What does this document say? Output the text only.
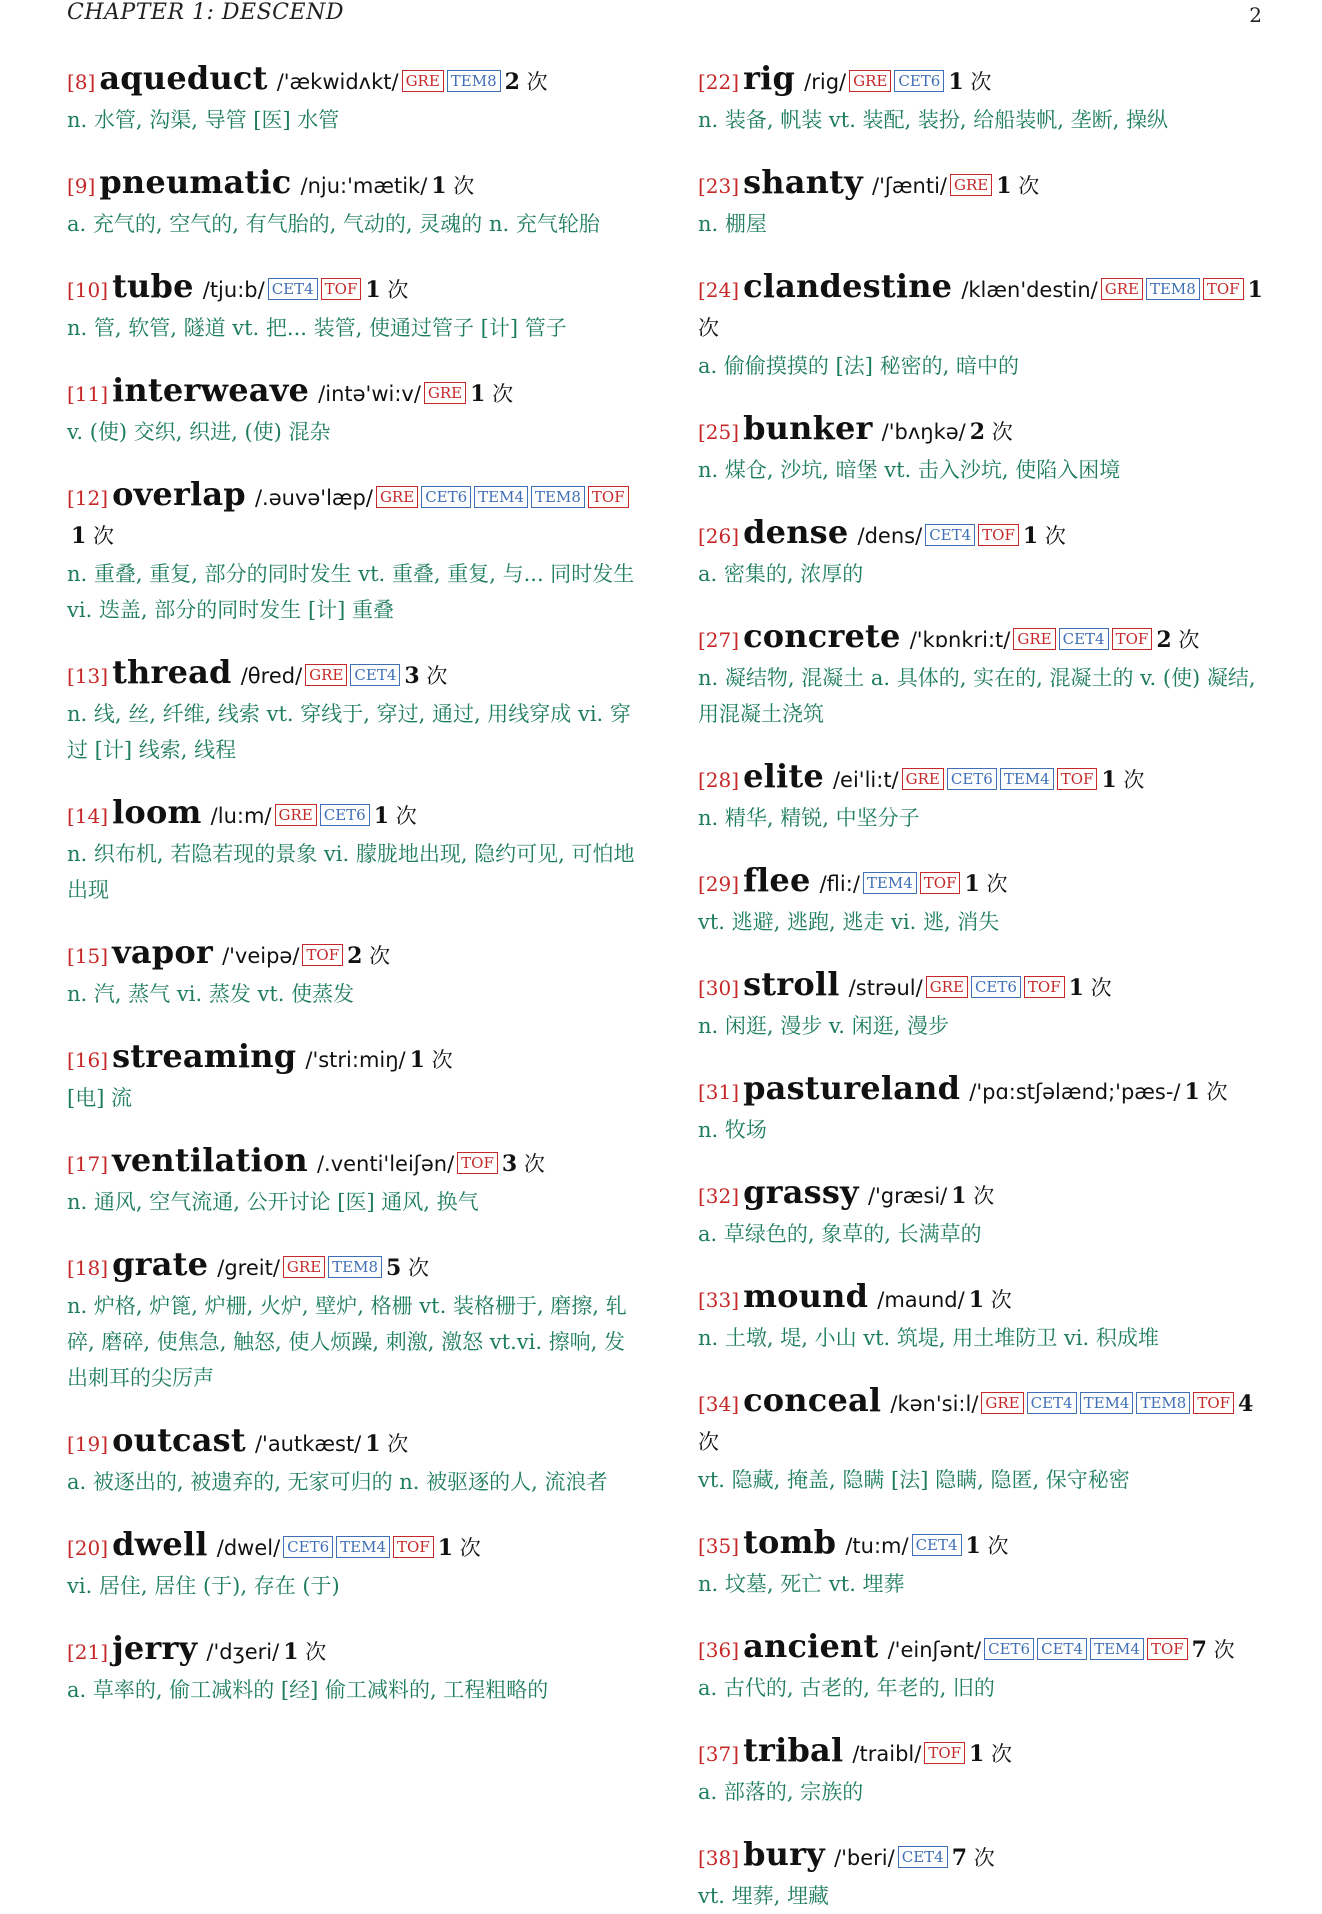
CHAPTER 1: DESCEND	2
[8] aqueduct /'ækwidʌkt/ GRE TEM8 2 次
n. 水管, 沟渠, 导管 [医] 水管
[9] pneumatic /nju:'mætik/ 1 次
a. 充气的, 空气的, 有气胎的, 气动的, 灵魂的 n. 充气轮胎
[10] tube /tju:b/ CET4 TOF 1 次
n. 管, 软管, 隧道 vt. 把... 装管, 使通过管子 [计] 管子
[11] interweave /intə'wi:v/ GRE 1 次
v. (使) 交织, 织进, (使) 混杂
[12] overlap /.əuvə'læp/ GRE CET6 TEM4 TEM8 TOF1 次
n. 重叠, 重复, 部分的同时发生 vt. 重叠, 重复, 与... 同时发生 vi. 迭盖, 部分的同时发生 [计] 重叠
[13] thread /θred/ GRE CET4 3 次
n. 线, 丝, 纤维, 线索 vt. 穿线于, 穿过, 通过, 用线穿成 vi. 穿过 [计] 线索, 线程
[14] loom /lu:m/ GRE CET6 1 次
n. 织布机, 若隐若现的景象 vi. 朦胧地出现, 隐约可见, 可怕地出现
[15] vapor /'veipə/ TOF 2 次
n. 汽, 蒸气 vi. 蒸发 vt. 使蒸发
[16] streaming /'stri:miŋ/ 1 次
[电] 流
[17] ventilation /.venti'leiʃən/ TOF 3 次
n. 通风, 空气流通, 公开讨论 [医] 通风, 换气
[18] grate /greit/ GRE TEM8 5 次
n. 炉格, 炉篦, 炉栅, 火炉, 壁炉, 格栅 vt. 装格栅于, 磨擦, 轧碎, 磨碎, 使焦急, 触怒, 使人烦躁, 刺激, 激怒 vt.vi. 擦响, 发出刺耳的尖厉声
[19] outcast /'autkæst/ 1 次
a. 被逐出的, 被遗弃的, 无家可归的 n. 被驱逐的人, 流浪者
[20] dwell /dwel/ CET6 TEM4 TOF 1 次
vi. 居住, 居住 (于), 存在 (于)
[21] jerry /'dʒeri/ 1 次
a. 草率的, 偷工减料的 [经] 偷工减料的, 工程粗略的
[22] rig /rig/ GRE CET6 1 次
n. 装备, 帆装 vt. 装配, 装扮, 给船装帆, 垄断, 操纵
[23] shanty /'ʃænti/ GRE 1 次
n. 棚屋
[24] clandestine /klæn'destin/ GRE TEM8 TOF 1 次
a. 偷偷摸摸的 [法] 秘密的, 暗中的
[25] bunker /'bʌŋkə/ 2 次
n. 煤仓, 沙坑, 暗堡 vt. 击入沙坑, 使陷入困境
[26] dense /dens/ CET4 TOF 1 次
a. 密集的, 浓厚的
[27] concrete /'kɒnkri:t/ GRE CET4 TOF 2 次
n. 凝结物, 混凝土 a. 具体的, 实在的, 混凝土的 v. (使) 凝结, 用混凝土浇筑
[28] elite /ei'li:t/ GRE CET6 TEM4 TOF 1 次
n. 精华, 精锐, 中坚分子
[29] flee /fli:/ TEM4 TOF 1 次
vt. 逃避, 逃跑, 逃走 vi. 逃, 消失
[30] stroll /strəul/ GRE CET6 TOF 1 次
n. 闲逛, 漫步 v. 闲逛, 漫步
[31] pastureland /'pɑ:stʃəlænd;'pæs-/ 1 次
n. 牧场
[32] grassy /'græsi/ 1 次
a. 草绿色的, 象草的, 长满草的
[33] mound /maund/ 1 次
n. 土墩, 堤, 小山 vt. 筑堤, 用土堆防卫 vi. 积成堆
[34] conceal /kən'si:l/ GRE CET4 TEM4 TEM8 TOF 4 次
vt. 隐藏, 掩盖, 隐瞒 [法] 隐瞒, 隐匿, 保守秘密
[35] tomb /tu:m/ CET4 1 次
n. 坟墓, 死亡 vt. 埋葬
[36] ancient /'einʃənt/ CET6 CET4 TEM4 TOF 7 次
a. 古代的, 古老的, 年老的, 旧的
[37] tribal /traibl/ TOF 1 次
a. 部落的, 宗族的
[38] bury /'beri/ CET4 7 次
vt. 埋葬, 埋藏
